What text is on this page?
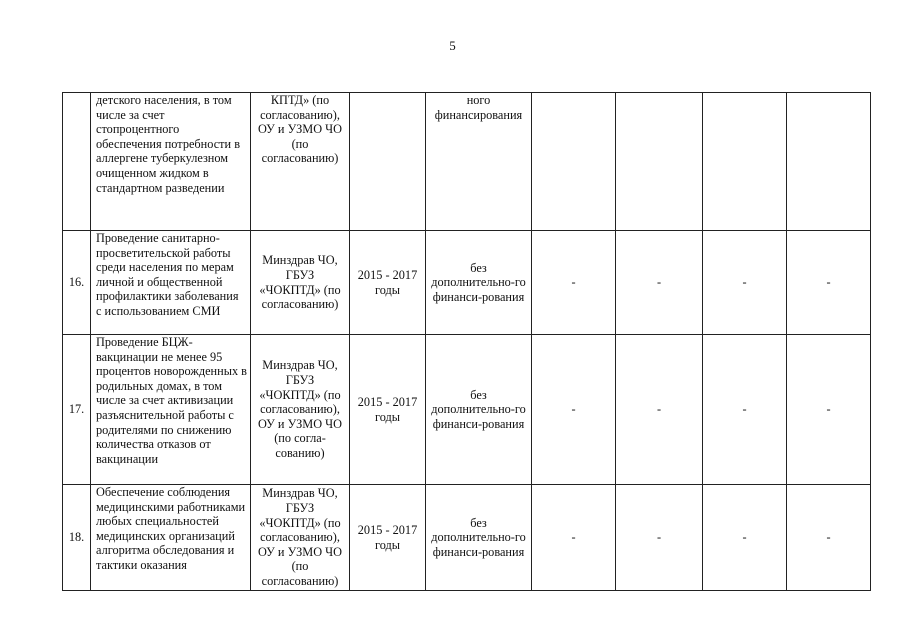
5
	детского населения, в том числе за счет стопроцентного обеспечения потребности в аллергене туберкулезном очищенном жидком в стандартном разведении	КПТД» (по согласованию), ОУ и УЗМО ЧО (по согласованию)		ного финансирования				
16.	Проведение санитарно-просветительской работы среди населения по мерам личной и общественной профилактики заболевания с использованием СМИ	Минздрав ЧО, ГБУЗ «ЧОКПТД» (по согласованию)	2015 - 2017 годы	без дополнительно-го финанси-рования	-	-	-	-
17.	Проведение БЦЖ-вакцинации не менее 95 процентов новорожденных в родильных домах, в том числе за счет активизации разъяснительной работы с родителями по снижению количества отказов от вакцинации	Минздрав ЧО, ГБУЗ «ЧОКПТД» (по согласованию), ОУ и УЗМО ЧО (по согла-сованию)	2015 - 2017 годы	без дополнительно-го финанси-рования	-	-	-	-
18.	Обеспечение соблюдения медицинскими работниками любых специальностей медицинских организаций алгоритма обследования и тактики оказания	Минздрав ЧО, ГБУЗ «ЧОКПТД» (по согласованию), ОУ и УЗМО ЧО (по согласованию)	2015 - 2017 годы	без дополнительно-го финанси-рования	-	-	-	-
